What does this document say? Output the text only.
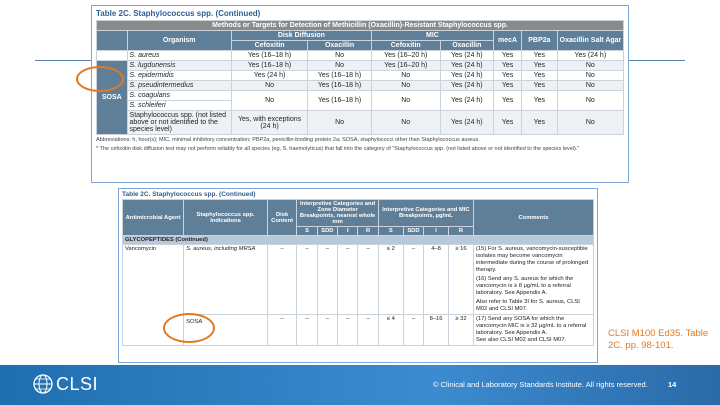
Table 2C. Staphylococcus spp. (Continued)
Methods or Targets for Detection of Methicillin (Oxacillin)-Resistant Staphylococcus spp.								
	Organism	Disk Diffusion		MIC		mecA	PBP2a	Oxacillin Salt Agar
		Cefoxitin	Oxacillin	Cefoxitin	Oxacillin			
	S. aureus	Yes (16–18 h)	No	Yes (16–20 h)	Yes (24 h)	Yes	Yes	Yes (24 h)
SOSA	S. lugdunensis	Yes (16–18 h)	No	Yes (16–20 h)	Yes (24 h)	Yes	Yes	No
	S. epidermidis	Yes (24 h)	Yes (16–18 h)	No	Yes (24 h)	Yes	Yes	No
	S. pseudintermedius	No	Yes (16–18 h)	No	Yes (24 h)	Yes	Yes	No
	S. coagulans	No	Yes (16–18 h)	No	Yes (24 h)	Yes	Yes	No
	S. schleiferi							
	Staphylococcus spp. (not listed above or not identified to the species level)	Yes, with exceptions (24 h)	No	No	Yes (24 h)	Yes	Yes	No
Abbreviations: h, hour(s); MIC, minimal inhibitory concentration; PBP2a, penicillin-binding protein 2a; SOSA, staphylococci other than Staphylococcus aureus.
* The cefoxitin disk diffusion test may not perform reliably for all species (eg, S. haemolyticus) that fall into the category of "Staphylococcus spp. (not listed above or not identified to the species level)."
Table 2C. Staphylococcus spp. (Continued)
Antimicrobial Agent	Staphylococcus spp. Indications	Disk Content	Interpretive Categories and Zone Diameter Breakpoints, nearest whole mm				Interpretive Categories and MIC Breakpoints, µg/mL				Comments
			S	SDD	I	R	S	SDD	I	R	
GLYCOPEPTIDES (Continued)											
Vancomycin	S. aureus, including MRSA	–	–	–	–	–	≤ 2	–	4–8	≥ 16	(15) For S. aureus, vancomycin-susceptible isolates may become vancomycin intermediate during the course of prolonged therapy.
(16) Send any S. aureus for which the vancomycin is ≥ 8 µg/mL to a referral laboratory. See Appendix A.
Also refer to Table 3I for S. aureus, CLSI M02 and CLSI M07.

	SOSA	–	–	–	–	–	≤ 4	–	8–16	≥ 32	(17) Send any SOSA for which the vancomycin MIC is ≥ 32 µg/mL to a referral laboratory. See Appendix A.
See also CLSI M02 and CLSI M07.
CLSI M100 Ed35. Table 2C. pp. 98-101.
CLSI	© Clinical and Laboratory Standards Institute. All rights reserved.	14
